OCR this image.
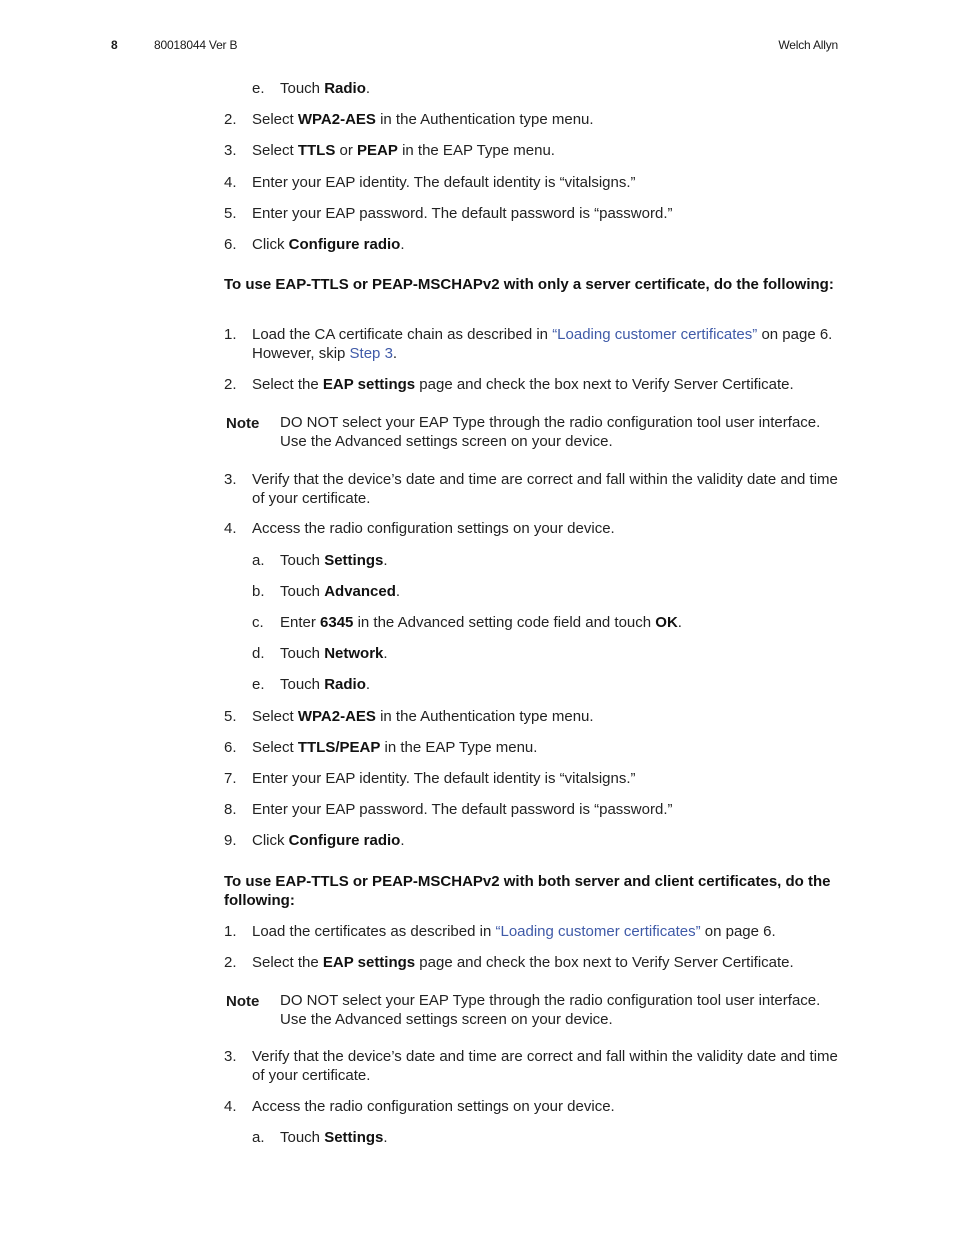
8	80018044 Ver B	Welch Allyn
e. Touch Radio.
2. Select WPA2-AES in the Authentication type menu.
3. Select TTLS or PEAP in the EAP Type menu.
4. Enter your EAP identity. The default identity is “vitalsigns.”
5. Enter your EAP password. The default password is “password.”
6. Click Configure radio.
To use EAP-TTLS or PEAP-MSCHAPv2 with only a server certificate, do the following:
1. Load the CA certificate chain as described in “Loading customer certificates” on page 6. However, skip Step 3.
2. Select the EAP settings page and check the box next to Verify Server Certificate.
Note DO NOT select your EAP Type through the radio configuration tool user interface. Use the Advanced settings screen on your device.
3. Verify that the device’s date and time are correct and fall within the validity date and time of your certificate.
4. Access the radio configuration settings on your device.
a. Touch Settings.
b. Touch Advanced.
c. Enter 6345 in the Advanced setting code field and touch OK.
d. Touch Network.
e. Touch Radio.
5. Select WPA2-AES in the Authentication type menu.
6. Select TTLS/PEAP in the EAP Type menu.
7. Enter your EAP identity. The default identity is “vitalsigns.”
8. Enter your EAP password. The default password is “password.”
9. Click Configure radio.
To use EAP-TTLS or PEAP-MSCHAPv2 with both server and client certificates, do the following:
1. Load the certificates as described in “Loading customer certificates” on page 6.
2. Select the EAP settings page and check the box next to Verify Server Certificate.
Note DO NOT select your EAP Type through the radio configuration tool user interface. Use the Advanced settings screen on your device.
3. Verify that the device’s date and time are correct and fall within the validity date and time of your certificate.
4. Access the radio configuration settings on your device.
a. Touch Settings.
